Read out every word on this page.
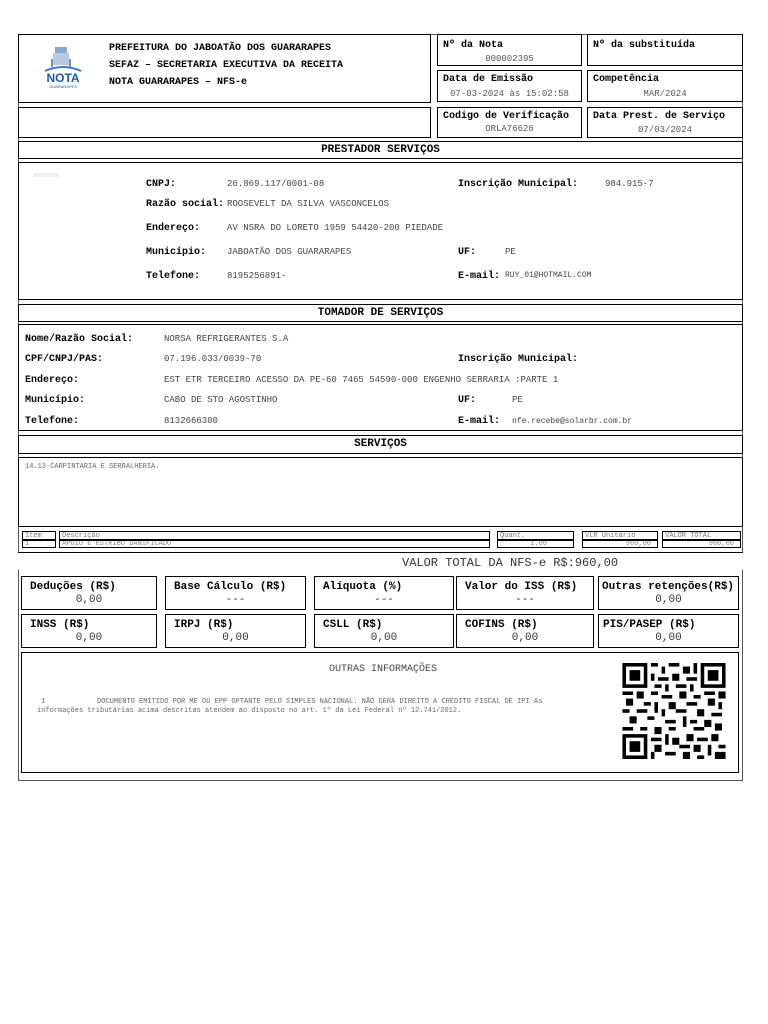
NOTA
GUARARAPES
PREFEITURA DO JABOATÃO DOS GUARARAPES
SEFAZ – SECRETARIA EXECUTIVA DA RECEITA
NOTA GUARARAPES – NFS-e
Nº da Nota
000002395
Nº da substituída
Data de Emissão
07-03-2024 às 15:02:58
Competência
MAR/2024
Codigo de Verificação
ORLA76626
Data Prest. de Serviço
07/03/2024
PRESTADOR SERVIÇOS
CNPJ:	26.869.117/0001-08	Inscrição Municipal:	984.915-7
Razão social: ROOSEVELT DA SILVA VASCONCELOS
Endereço:	AV NSRA DO LORETO 1959 54420-200 PIEDADE
Município: JABOATÃO DOS GUARARAPES	UF:	PE
Telefone:	8195256891-	E-mail: RUY_01@HOTMAIL.COM
TOMADOR DE SERVIÇOS
Nome/Razão Social:	NORSA REFRIGERANTES S.A
CPF/CNPJ/PAS:	07.196.033/0039-70	Inscrição Municipal:
Endereço:	EST ETR TERCEIRO ACESSO DA PE-60 7465 54590-000 ENGENHO SERRARIA :PARTE 1
Município:	CABO DE STO AGOSTINHO	UF:	PE
Telefone:	8132666300	E-mail: nfe.recebe@solarbr.com.br
SERVIÇOS
14.13-CARPINTARIA E SERRALHERIA.
Item	Descrição	Quant.	VLR Unitário	VALOR TOTAL
1	APOIO E ESTRIBO DANIFICADO	1.00	960,00	960,00
VALOR TOTAL DA NFS-e R$:960,00
Deduções (R$)
0,00
Base Cálculo (R$)
---
Alíquota (%)
---
Valor do ISS (R$)
---
Outras retenções(R$)
0,00
INSS (R$)
0,00
IRPJ (R$)
0,00
CSLL (R$)
0,00
COFINS (R$)
0,00
PIS/PASEP (R$)
0,00
OUTRAS INFORMAÇÕES
1	DOCUMENTO EMITIDO POR ME OU EPP OPTANTE PELO SIMPLES NACIONAL. NÃO GERA DIREITO A CRÉDITO FISCAL DE IPI As
informações tributárias acima descritas atendem ao disposto no art. 1º da Lei Federal nº 12.741/2012.
